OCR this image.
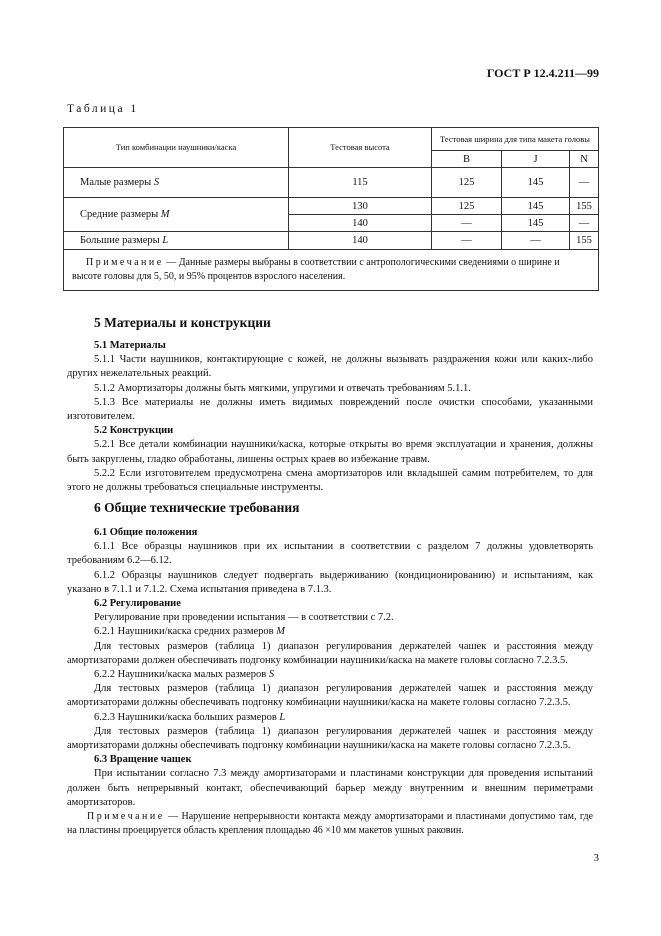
ГОСТ Р 12.4.211—99
Таблица 1
Тип комбинации наушники/каска	Тестовая высота	Тестовая ширина для типа макета головы		
		B	J	N
Малые размеры S	115	125	145	—
Средние размеры M	130	125	145	155
	140	—	145	—
Большие размеры L	140	—	—	155
Примечание — Данные размеры выбраны в соответствии с антропологическими сведениями о ширине и высоте головы для 5, 50, и 95% процентов взрослого населения.				
5 Материалы и конструкции

5.1 Материалы

5.1.1 Части наушников, контактирующие с кожей, не должны вызывать раздражения кожи или каких-либо других нежелательных реакций.

5.1.2 Амортизаторы должны быть мягкими, упругими и отвечать требованиям 5.1.1.

5.1.3 Все материалы не должны иметь видимых повреждений после очистки способами, указанными изготовителем.

5.2 Конструкции

5.2.1 Все детали комбинации наушники/каска, которые открыты во время эксплуатации и хранения, должны быть закруглены, гладко обработаны, лишены острых краев во избежание травм.

5.2.2 Если изготовителем предусмотрена смена амортизаторов или вкладышей самим потребителем, то для этого не должны требоваться специальные инструменты.

6 Общие технические требования

6.1 Общие положения

6.1.1 Все образцы наушников при их испытании в соответствии с разделом 7 должны удовлетворять требованиям 6.2—6.12.

6.1.2 Образцы наушников следует подвергать выдерживанию (кондиционированию) и испытаниям, как указано в 7.1.1 и 7.1.2. Схема испытания приведена в 7.1.3.

6.2 Регулирование

Регулирование при проведении испытания — в соответствии с 7.2.

6.2.1 Наушники/каска средних размеров M

Для тестовых размеров (таблица 1) диапазон регулирования держателей чашек и расстояния между амортизаторами должен обеспечивать подгонку комбинации наушники/каска на макете головы согласно 7.2.3.5.

6.2.2 Наушники/каска малых размеров S

Для тестовых размеров (таблица 1) диапазон регулирования держателей чашек и расстояния между амортизаторами должны обеспечивать подгонку комбинации наушники/каска на макете головы согласно 7.2.3.5.

6.2.3 Наушники/каска больших размеров L

Для тестовых размеров (таблица 1) диапазон регулирования держателей чашек и расстояния между амортизаторами должны обеспечивать подгонку комбинации наушники/каска на макете головы согласно 7.2.3.5.

6.3 Вращение чашек

При испытании согласно 7.3 между амортизаторами и пластинами конструкции для проведения испытаний должен быть непрерывный контакт, обеспечивающий барьер между внутренним и внешним периметрами амортизаторов.

Примечание — Нарушение непрерывности контакта между амортизаторами и пластинами допустимо там, где на пластины проецируется область крепления площадью 46 ×10 мм макетов ушных раковин.

3
